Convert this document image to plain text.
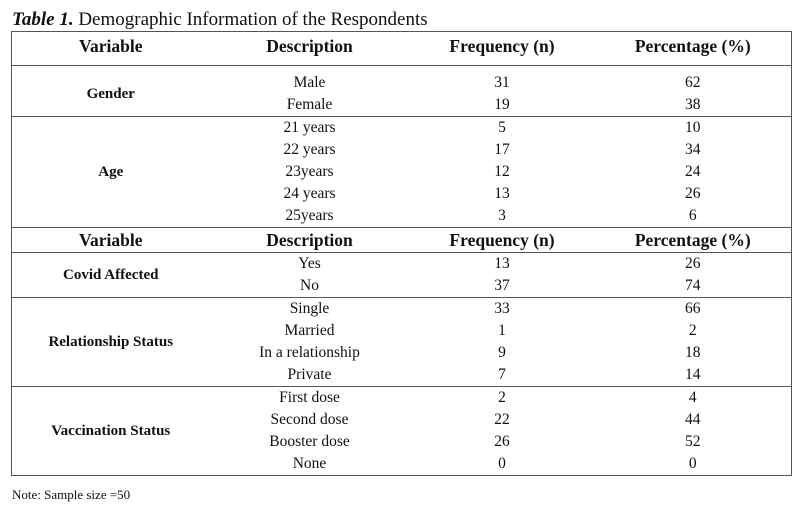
Table 1. Demographic Information of the Respondents
Variable	Description	Frequency (n)	Percentage (%)
Gender	Male	31	62
	Female	19	38
Age	21 years	5	10
	22 years	17	34
	23years	12	24
	24 years	13	26
	25years	3	6
Variable	Description	Frequency (n)	Percentage (%)
Covid Affected	Yes	13	26
	No	37	74
Relationship Status	Single	33	66
	Married	1	2
	In a relationship	9	18
	Private	7	14
Vaccination Status	First dose	2	4
	Second dose	22	44
	Booster dose	26	52
	None	0	0
Note: Sample size =50
